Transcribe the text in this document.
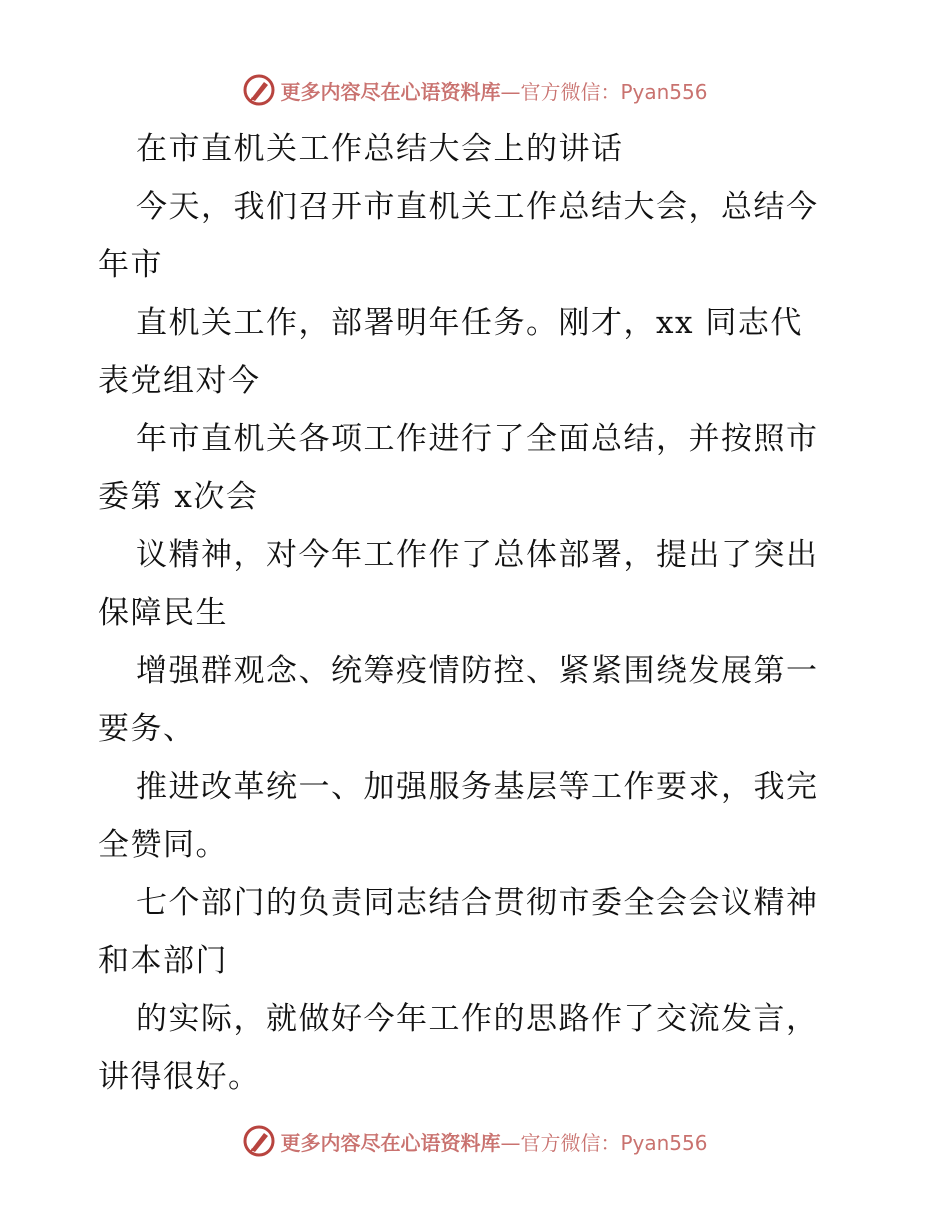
更多内容尽在心语资料库—官方微信：Pyan556
在市直机关工作总结大会上的讲话
今天，我们召开市直机关工作总结大会，总结今
年市
直机关工作，部署明年任务。刚才，xx 同志代
表党组对今
年市直机关各项工作进行了全面总结，并按照市
委第 x次会
议精神，对今年工作作了总体部署，提出了突出
保障民生
增强群观念、统筹疫情防控、紧紧围绕发展第一
要务、
推进改革统一、加强服务基层等工作要求，我完
全赞同。
七个部门的负责同志结合贯彻市委全会会议精神
和本部门
的实际，就做好今年工作的思路作了交流发言，
讲得很好。
更多内容尽在心语资料库—官方微信：Pyan556
